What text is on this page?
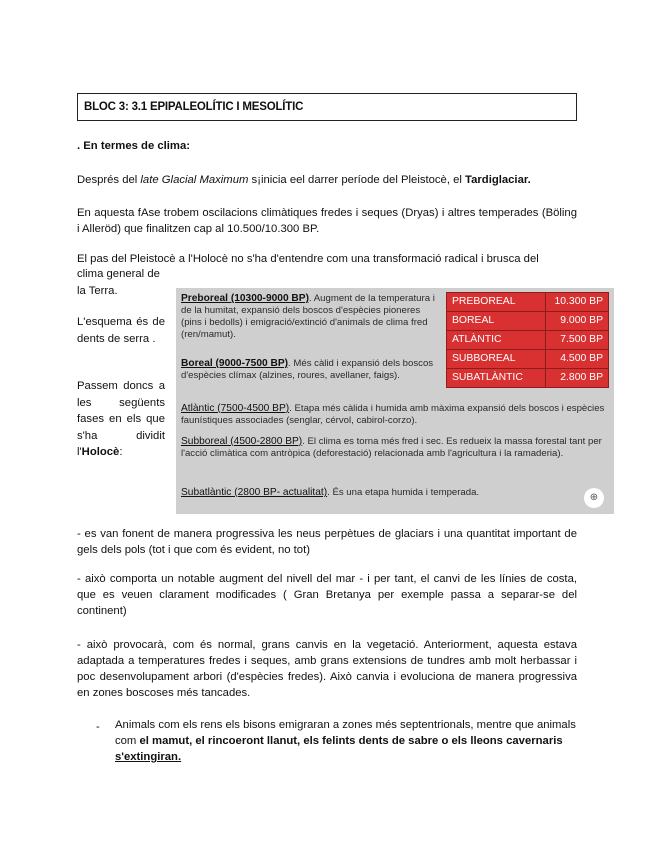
BLOC 3: 3.1 EPIPALEOLÍTIC I MESOLÍTIC

. En termes de clima:

Després del late Glacial Maximum s¡inicia eel darrer període del Pleistocè, el Tardiglaciar.

En aquesta fAse trobem oscilacions climàtiques fredes i seques (Dryas) i altres temperades (Böling i Alleröd) que finalitzen cap al 10.500/10.300 BP.

El pas del Pleistocè a l'Holocè no s'ha d'entendre com una transformació radical i brusca del

clima general de

la Terra.

L'esquema és de dents de serra .

Passem doncs a les següents fases en els que s'ha dividit l'Holocè:

Preboreal (10300-9000 BP). Augment de la temperatura i de la humitat, expansió dels boscos d'espècies pioneres (pins i bedolls) i emigració/extinció d'animals de clima fred (ren/mamut).
Boreal (9000-7500 BP). Més càlid i expansió dels boscos d'espècies clímax (alzines, roures, avellaner, faigs).
PREBOREAL	10.300 BP
BOREAL	9.000 BP
ATLÀNTIC	7.500 BP
SUBBOREAL	4.500 BP
SUBATLÀNTIC	2.800 BP
Atlàntic (7500-4500 BP). Etapa més càlida i humida amb màxima expansió dels boscos i espècies faunístiques associades (senglar, cérvol, cabirol-corzo).
Subboreal (4500-2800 BP). El clima es torna més fred i sec. Es redueix la massa forestal tant per l'acció climàtica com antròpica (deforestació) relacionada amb l'agricultura i la ramaderia).
Subatlàntic (2800 BP- actualitat). És una etapa humida i temperada.	⊕

- es van fonent de manera progressiva les neus perpètues de glaciars i una quantitat important de gels dels pols (tot i que com és evident, no tot)

- això comporta un notable augment del nivell del mar - i per tant, el canvi de les línies de costa, que es veuen clarament modificades ( Gran Bretanya per exemple passa a separar-se del continent)

- això provocarà, com és normal, grans canvis en la vegetació. Anteriorment, aquesta estava adaptada a temperatures fredes i seques, amb grans extensions de tundres amb molt herbassar i poc desenvolupament arbori (d'espècies fredes). Això canvia i evoluciona de manera progressiva en zones boscoses més tancades.

- Animals com els rens els bisons emigraran a zones més septentrionals, mentre que animals com el mamut, el rincoeront llanut, els felints dents de sabre o els lleons cavernaris s'extingiran.
